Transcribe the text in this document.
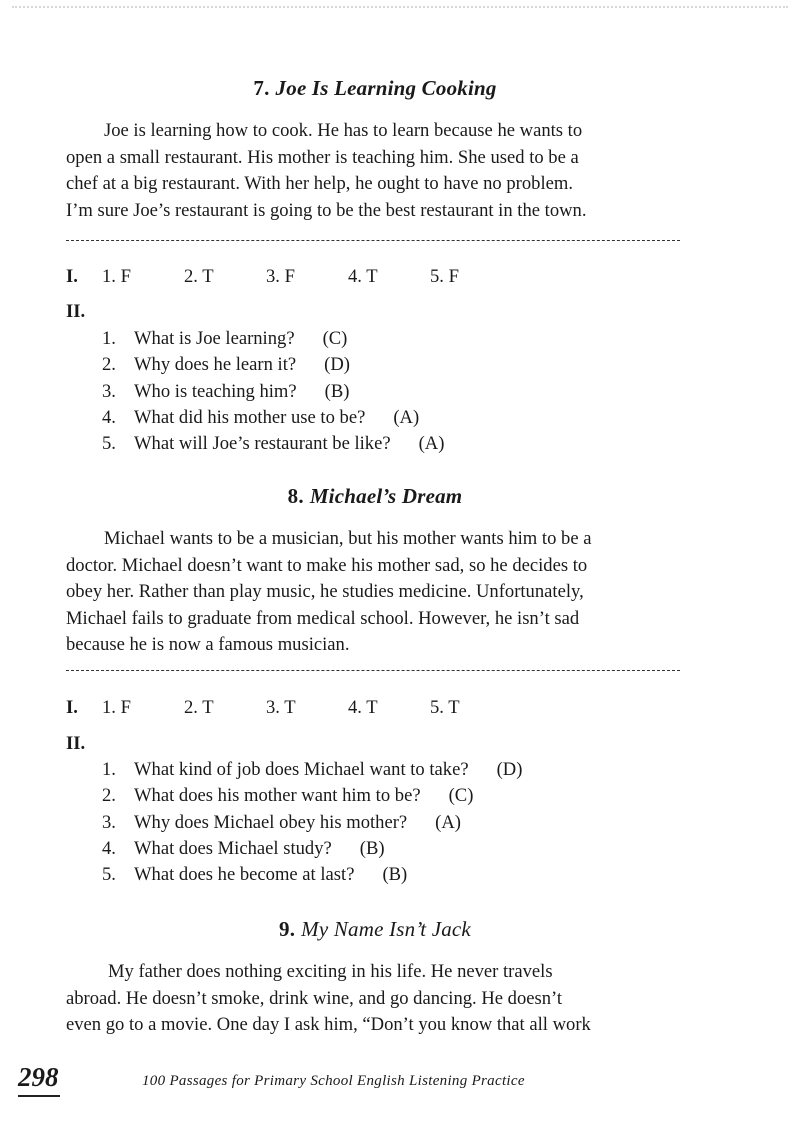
7. Joe Is Learning Cooking
Joe is learning how to cook. He has to learn because he wants to
open a small restaurant. His mother is teaching him. She used to be a
chef at a big restaurant. With her help, he ought to have no problem.
I’m sure Joe’s restaurant is going to be the best restaurant in the town.
I. 1. F	2. T	3. F	4. T	5. F
II.
1. What is Joe learning? (C)
2. Why does he learn it? (D)
3. Who is teaching him? (B)
4. What did his mother use to be? (A)
5. What will Joe’s restaurant be like? (A)
8. Michael’s Dream
Michael wants to be a musician, but his mother wants him to be a
doctor. Michael doesn’t want to make his mother sad, so he decides to
obey her. Rather than play music, he studies medicine. Unfortunately,
Michael fails to graduate from medical school. However, he isn’t sad
because he is now a famous musician.
I. 1. F	2. T	3. T	4. T	5. T
II.
1. What kind of job does Michael want to take? (D)
2. What does his mother want him to be? (C)
3. Why does Michael obey his mother? (A)
4. What does Michael study? (B)
5. What does he become at last? (B)
9. My Name Isn’t Jack
My father does nothing exciting in his life. He never travels
abroad. He doesn’t smoke, drink wine, and go dancing. He doesn’t
even go to a movie. One day I ask him, “Don’t you know that all work
298	100 Passages for Primary School English Listening Practice
